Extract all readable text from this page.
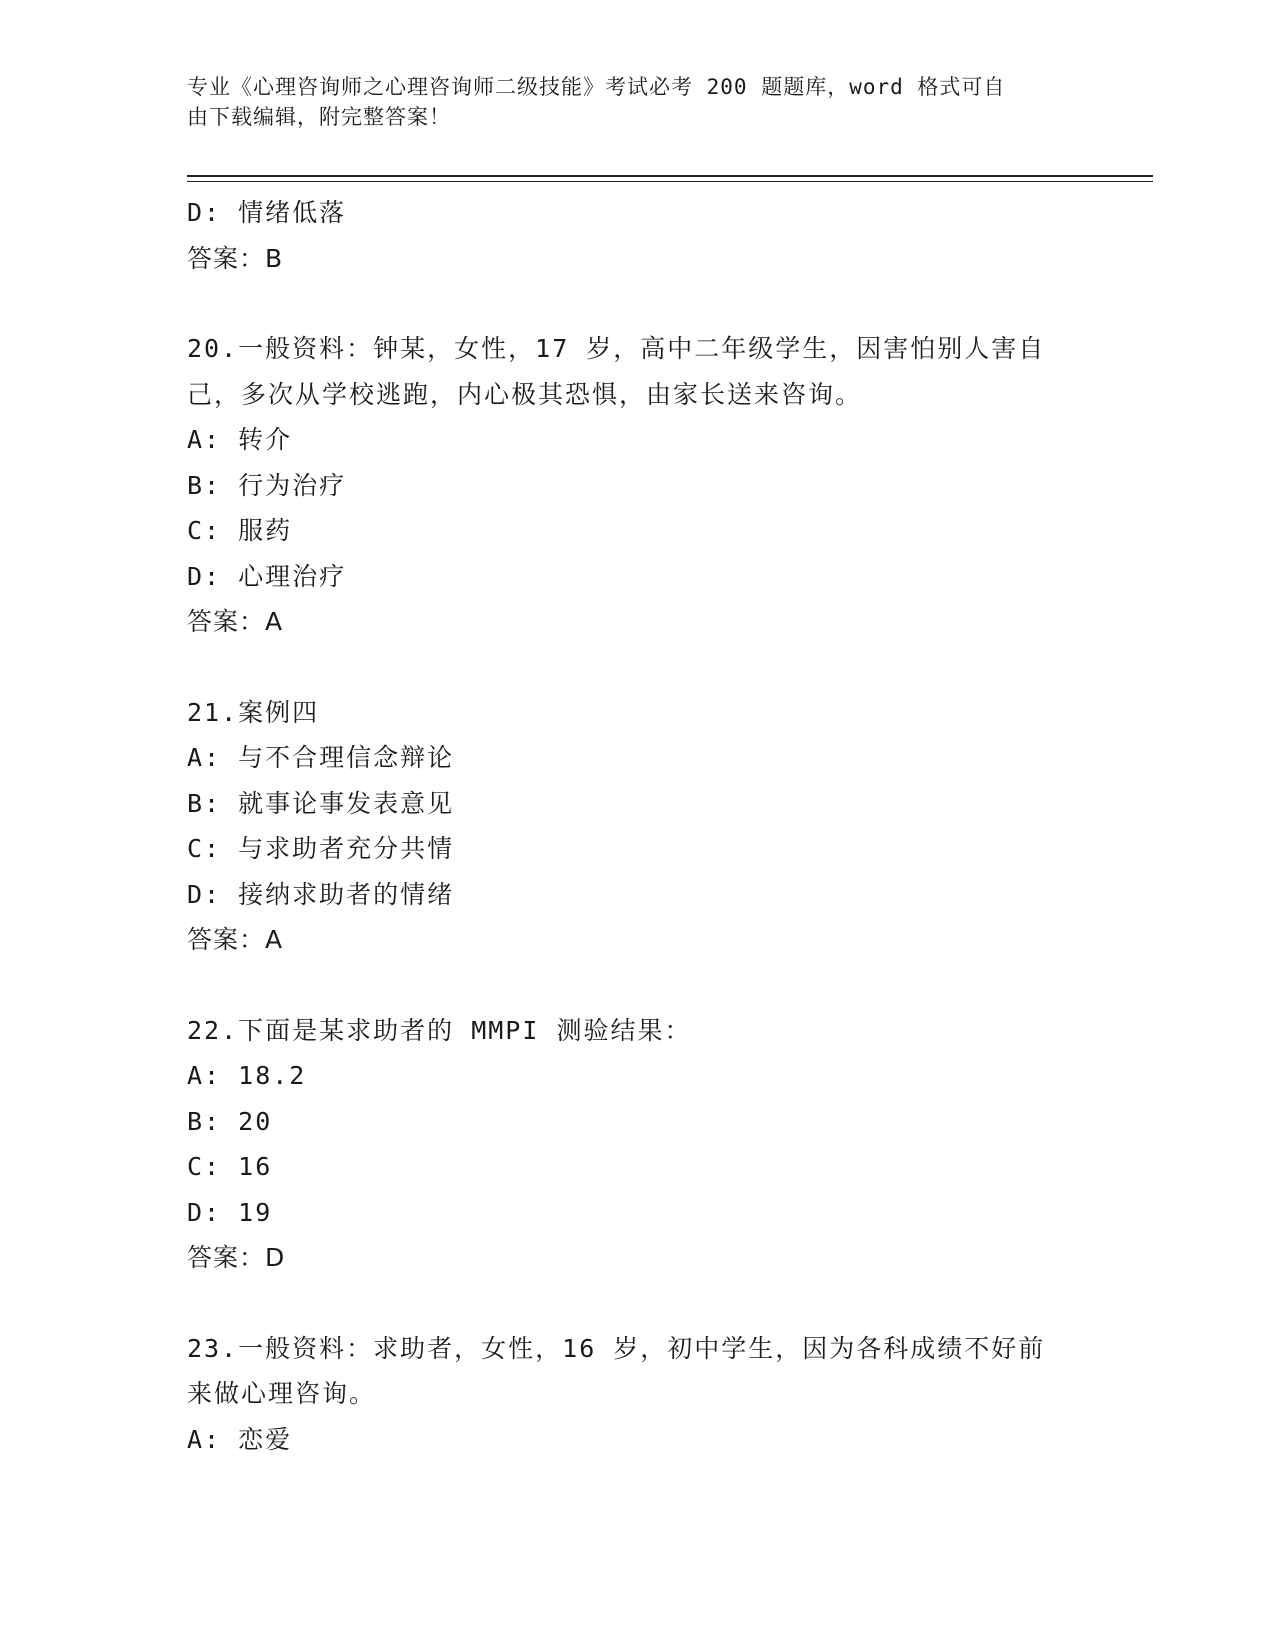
专业《心理咨询师之心理咨询师二级技能》考试必考 200 题题库，word 格式可自
由下载编辑，附完整答案！
D: 情绪低落
答案：B
20.一般资料：钟某，女性，17 岁，高中二年级学生，因害怕别人害自
己，多次从学校逃跑，内心极其恐惧，由家长送来咨询。
A: 转介
B: 行为治疗
C: 服药
D: 心理治疗
答案：A
21.案例四
A: 与不合理信念辩论
B: 就事论事发表意见
C: 与求助者充分共情
D: 接纳求助者的情绪
答案：A
22.下面是某求助者的 MMPI 测验结果：
A: 18.2
B: 20
C: 16
D: 19
答案：D
23.一般资料：求助者，女性，16 岁，初中学生，因为各科成绩不好前
来做心理咨询。
A: 恋爱
